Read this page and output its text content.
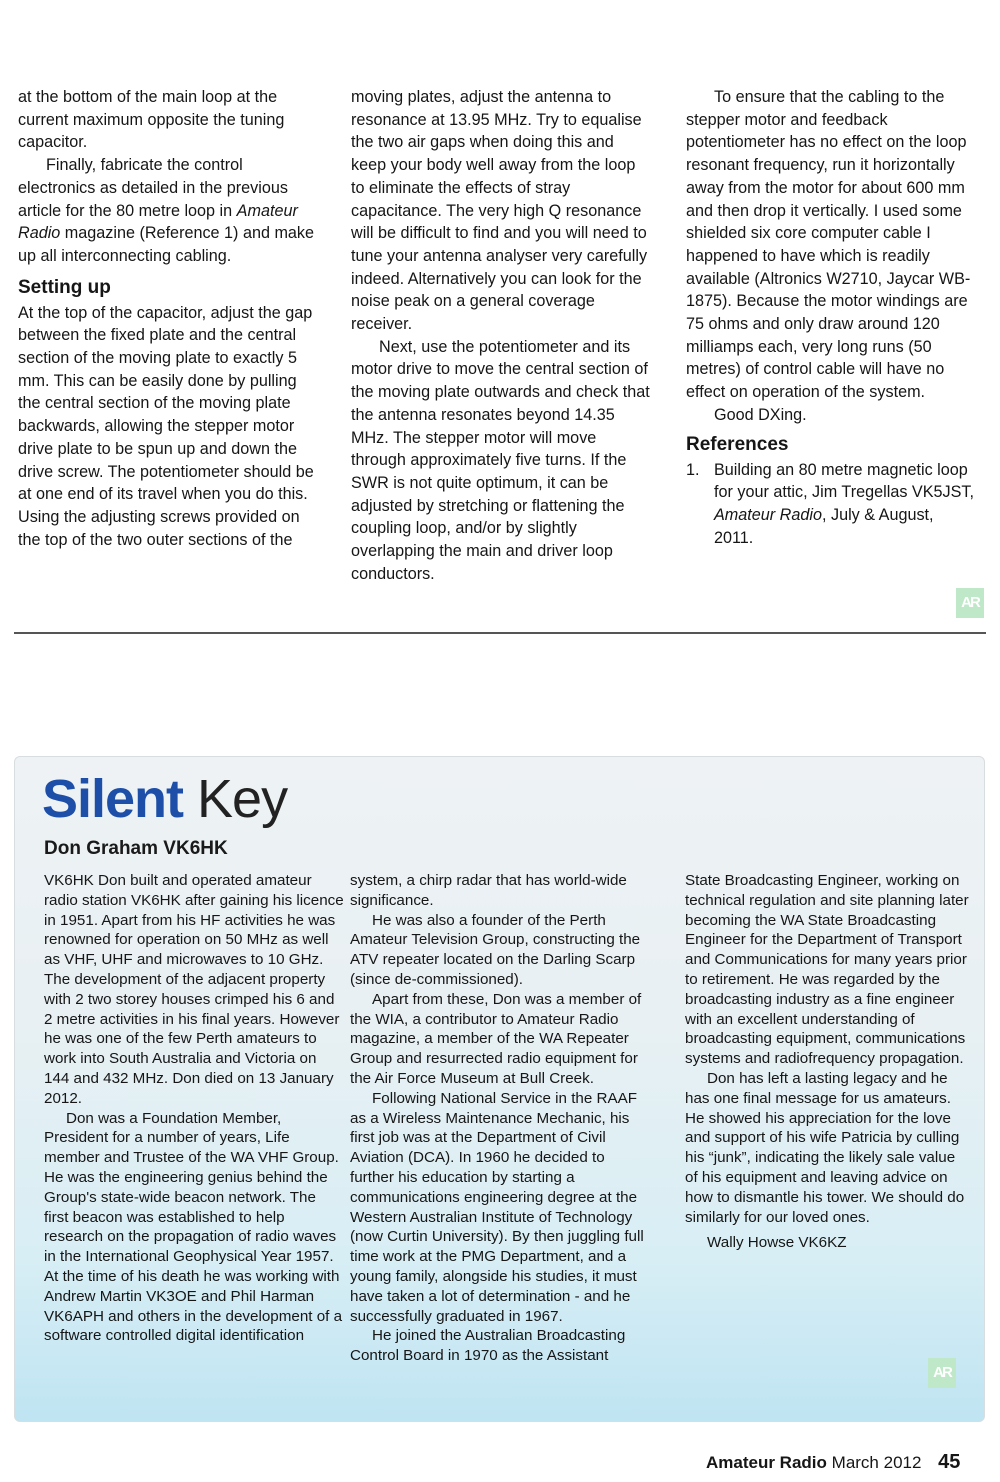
at the bottom of the main loop at the current maximum opposite the tuning capacitor.

Finally, fabricate the control electronics as detailed in the previous article for the 80 metre loop in Amateur Radio magazine (Reference 1) and make up all interconnecting cabling.

Setting up

At the top of the capacitor, adjust the gap between the fixed plate and the central section of the moving plate to exactly 5 mm. This can be easily done by pulling the central section of the moving plate backwards, allowing the stepper motor drive plate to be spun up and down the drive screw. The potentiometer should be at one end of its travel when you do this. Using the adjusting screws provided on the top of the two outer sections of the

moving plates, adjust the antenna to resonance at 13.95 MHz. Try to equalise the two air gaps when doing this and keep your body well away from the loop to eliminate the effects of stray capacitance. The very high Q resonance will be difficult to find and you will need to tune your antenna analyser very carefully indeed. Alternatively you can look for the noise peak on a general coverage receiver.

Next, use the potentiometer and its motor drive to move the central section of the moving plate outwards and check that the antenna resonates beyond 14.35 MHz. The stepper motor will move through approximately five turns. If the SWR is not quite optimum, it can be adjusted by stretching or flattening the coupling loop, and/or by slightly overlapping the main and driver loop conductors.

To ensure that the cabling to the stepper motor and feedback potentiometer has no effect on the loop resonant frequency, run it horizontally away from the motor for about 600 mm and then drop it vertically. I used some shielded six core computer cable I happened to have which is readily available (Altronics W2710, Jaycar WB-1875). Because the motor windings are 75 ohms and only draw around 120 milliamps each, very long runs (50 metres) of control cable will have no effect on operation of the system.

Good DXing.

References
1. Building an 80 metre magnetic loop for your attic, Jim Tregellas VK5JST, Amateur Radio, July & August, 2011.
AR
Silent Key
Don Graham VK6HK

VK6HK Don built and operated amateur radio station VK6HK after gaining his licence in 1951. Apart from his HF activities he was renowned for operation on 50 MHz as well as VHF, UHF and microwaves to 10 GHz. The development of the adjacent property with 2 two storey houses crimped his 6 and 2 metre activities in his final years. However he was one of the few Perth amateurs to work into South Australia and Victoria on 144 and 432 MHz. Don died on 13 January 2012.

Don was a Foundation Member, President for a number of years, Life member and Trustee of the WA VHF Group. He was the engineering genius behind the Group's state-wide beacon network. The first beacon was established to help research on the propagation of radio waves in the International Geophysical Year 1957. At the time of his death he was working with Andrew Martin VK3OE and Phil Harman VK6APH and others in the development of a software controlled digital identification

system, a chirp radar that has world-wide significance.

He was also a founder of the Perth Amateur Television Group, constructing the ATV repeater located on the Darling Scarp (since de-commissioned).

Apart from these, Don was a member of the WIA, a contributor to Amateur Radio magazine, a member of the WA Repeater Group and resurrected radio equipment for the Air Force Museum at Bull Creek.

Following National Service in the RAAF as a Wireless Maintenance Mechanic, his first job was at the Department of Civil Aviation (DCA). In 1960 he decided to further his education by starting a communications engineering degree at the Western Australian Institute of Technology (now Curtin University). By then juggling full time work at the PMG Department, and a young family, alongside his studies, it must have taken a lot of determination - and he successfully graduated in 1967.

He joined the Australian Broadcasting Control Board in 1970 as the Assistant

State Broadcasting Engineer, working on technical regulation and site planning later becoming the WA State Broadcasting Engineer for the Department of Transport and Communications for many years prior to retirement. He was regarded by the broadcasting industry as a fine engineer with an excellent understanding of broadcasting equipment, communications systems and radiofrequency propagation.

Don has left a lasting legacy and he has one final message for us amateurs. He showed his appreciation for the love and support of his wife Patricia by culling his “junk”, indicating the likely sale value of his equipment and leaving advice on how to dismantle his tower. We should do similarly for our loved ones.

Wally Howse VK6KZ

AR
Amateur Radio March 2012 45
